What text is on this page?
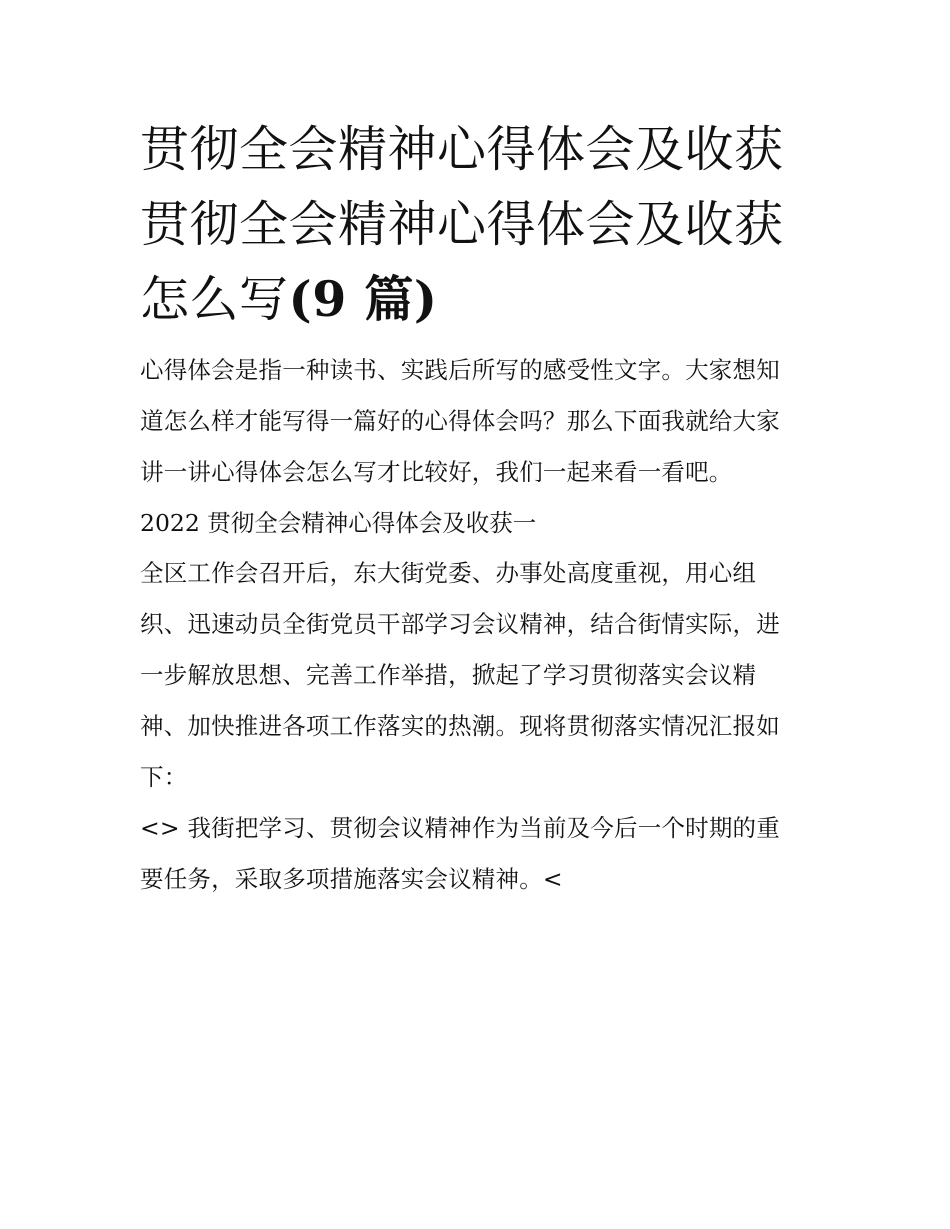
贯彻全会精神心得体会及收获
贯彻全会精神心得体会及收获
怎么写(9 篇)

心得体会是指一种读书、实践后所写的感受性文字。大家想知
道怎么样才能写得一篇好的心得体会吗？那么下面我就给大家
讲一讲心得体会怎么写才比较好，我们一起来看一看吧。

2022 贯彻全会精神心得体会及收获一

全区工作会召开后，东大街党委、办事处高度重视，用心组
织、迅速动员全街党员干部学习会议精神，结合街情实际，进
一步解放思想、完善工作举措，掀起了学习贯彻落实会议精
神、加快推进各项工作落实的热潮。现将贯彻落实情况汇报如
下：

<> 我街把学习、贯彻会议精神作为当前及今后一个时期的重
要任务，采取多项措施落实会议精神。<
